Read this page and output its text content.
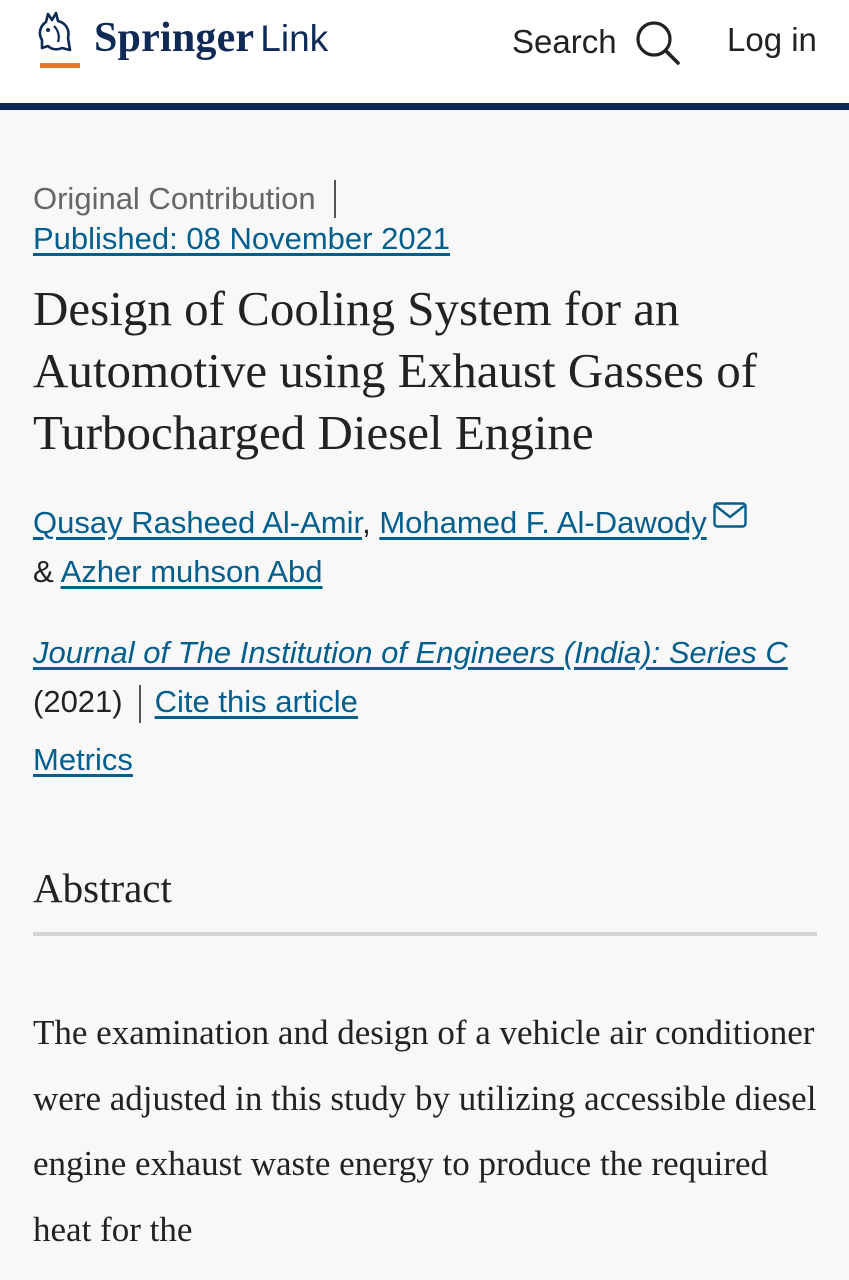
Springer Link	Search	Log in
Original Contribution
Published: 08 November 2021
Design of Cooling System for an Automotive using Exhaust Gasses of Turbocharged Diesel Engine
Qusay Rasheed Al-Amir, Mohamed F. Al-Dawody
& Azher muhson Abd
Journal of The Institution of Engineers (India): Series C (2021) Cite this article
Metrics
Abstract

The examination and design of a vehicle air conditioner were adjusted in this study by utilizing accessible diesel engine exhaust waste energy to produce the required heat for the
